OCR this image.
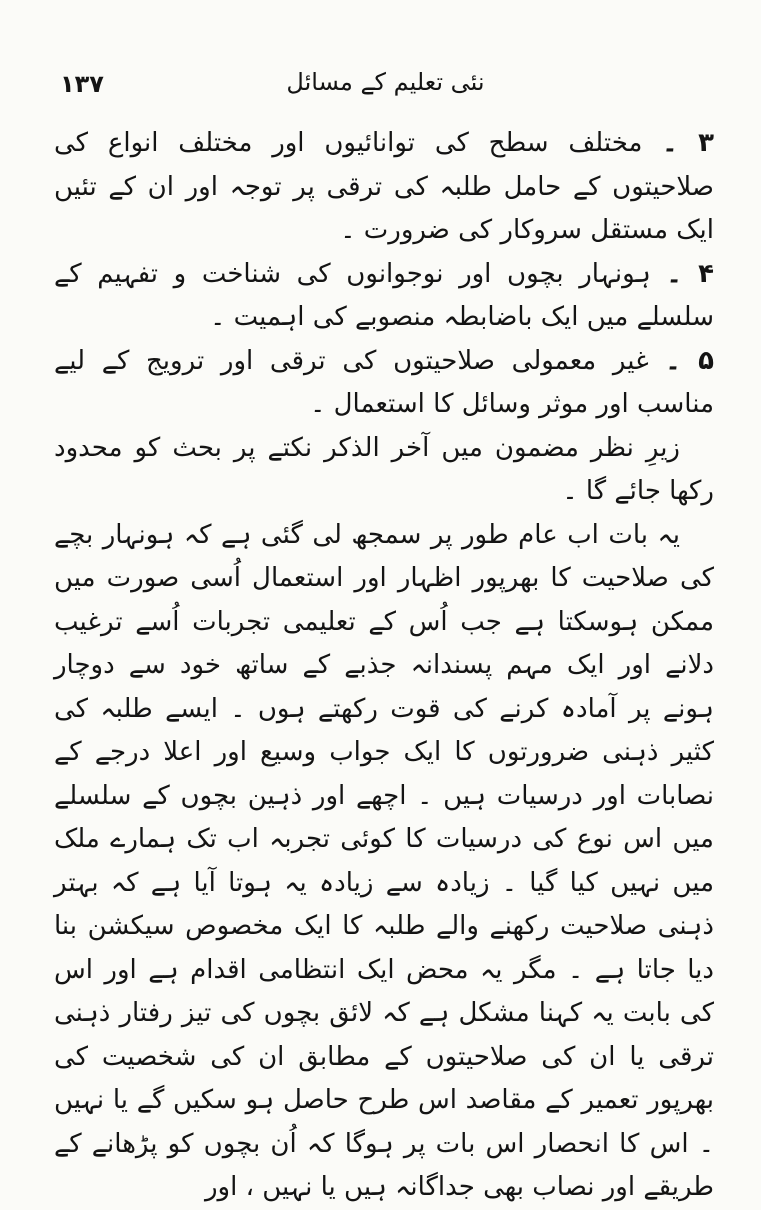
۱۳۷	نئی تعلیم کے مسائل

۳ ۔ مختلف سطح کی توانائیوں اور مختلف انواع کی صلاحیتوں کے حامل طلبہ کی ترقی پر توجہ اور ان کے تئیں ایک مستقل سروکار کی ضرورت ۔

۴ ۔ ہونہار بچوں اور نوجوانوں کی شناخت و تفہیم کے سلسلے میں ایک باضابطہ منصوبے کی اہمیت ۔

۵ ۔ غیر معمولی صلاحیتوں کی ترقی اور ترویج کے لیے مناسب اور موثر وسائل کا استعمال ۔

زیرِ نظر مضمون میں آخر الذکر نکتے پر بحث کو محدود رکھا جائے گا ۔

یہ بات اب عام طور پر سمجھ لی گئی ہے کہ ہونہار بچے کی صلاحیت کا بھرپور اظہار اور استعمال اُسی صورت میں ممکن ہوسکتا ہے جب اُس کے تعلیمی تجربات اُسے ترغیب دلانے اور ایک مہم پسندانہ جذبے کے ساتھ خود سے دوچار ہونے پر آمادہ کرنے کی قوت رکھتے ہوں ۔ ایسے طلبہ کی کثیر ذہنی ضرورتوں کا ایک جواب وسیع اور اعلا درجے کے نصابات اور درسیات ہیں ۔ اچھے اور ذہین بچوں کے سلسلے میں اس نوع کی درسیات کا کوئی تجربہ اب تک ہمارے ملک میں نہیں کیا گیا ۔ زیادہ سے زیادہ یہ ہوتا آیا ہے کہ بہتر ذہنی صلاحیت رکھنے والے طلبہ کا ایک مخصوص سیکشن بنا دیا جاتا ہے ۔ مگر یہ محض ایک انتظامی اقدام ہے اور اس کی بابت یہ کہنا مشکل ہے کہ لائق بچوں کی تیز رفتار ذہنی ترقی یا ان کی صلاحیتوں کے مطابق ان کی شخصیت کی بھرپور تعمیر کے مقاصد اس طرح حاصل ہو سکیں گے یا نہیں ۔ اس کا انحصار اس بات پر ہوگا کہ اُن بچوں کو پڑھانے کے طریقے اور نصاب بھی جداگانہ ہیں یا نہیں ، اور
